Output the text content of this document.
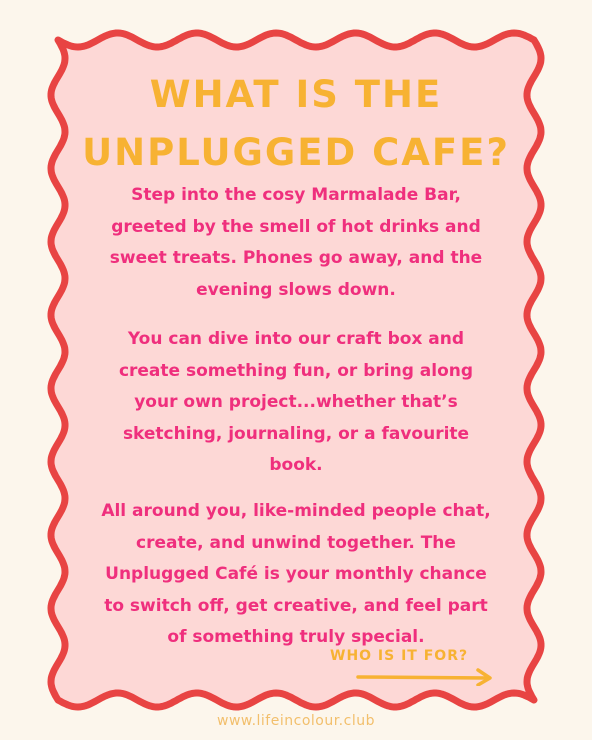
WHAT IS THE
UNPLUGGED CAFE?

Step into the cosy Marmalade Bar, greeted by the smell of hot drinks and sweet treats. Phones go away, and the evening slows down.

You can dive into our craft box and create something fun, or bring along your own project...whether that’s sketching, journaling, or a favourite book.

All around you, like-minded people chat, create, and unwind together. The Unplugged Café is your monthly chance to switch off, get creative, and feel part of something truly special.

WHO IS IT FOR?
www.lifeincolour.club
